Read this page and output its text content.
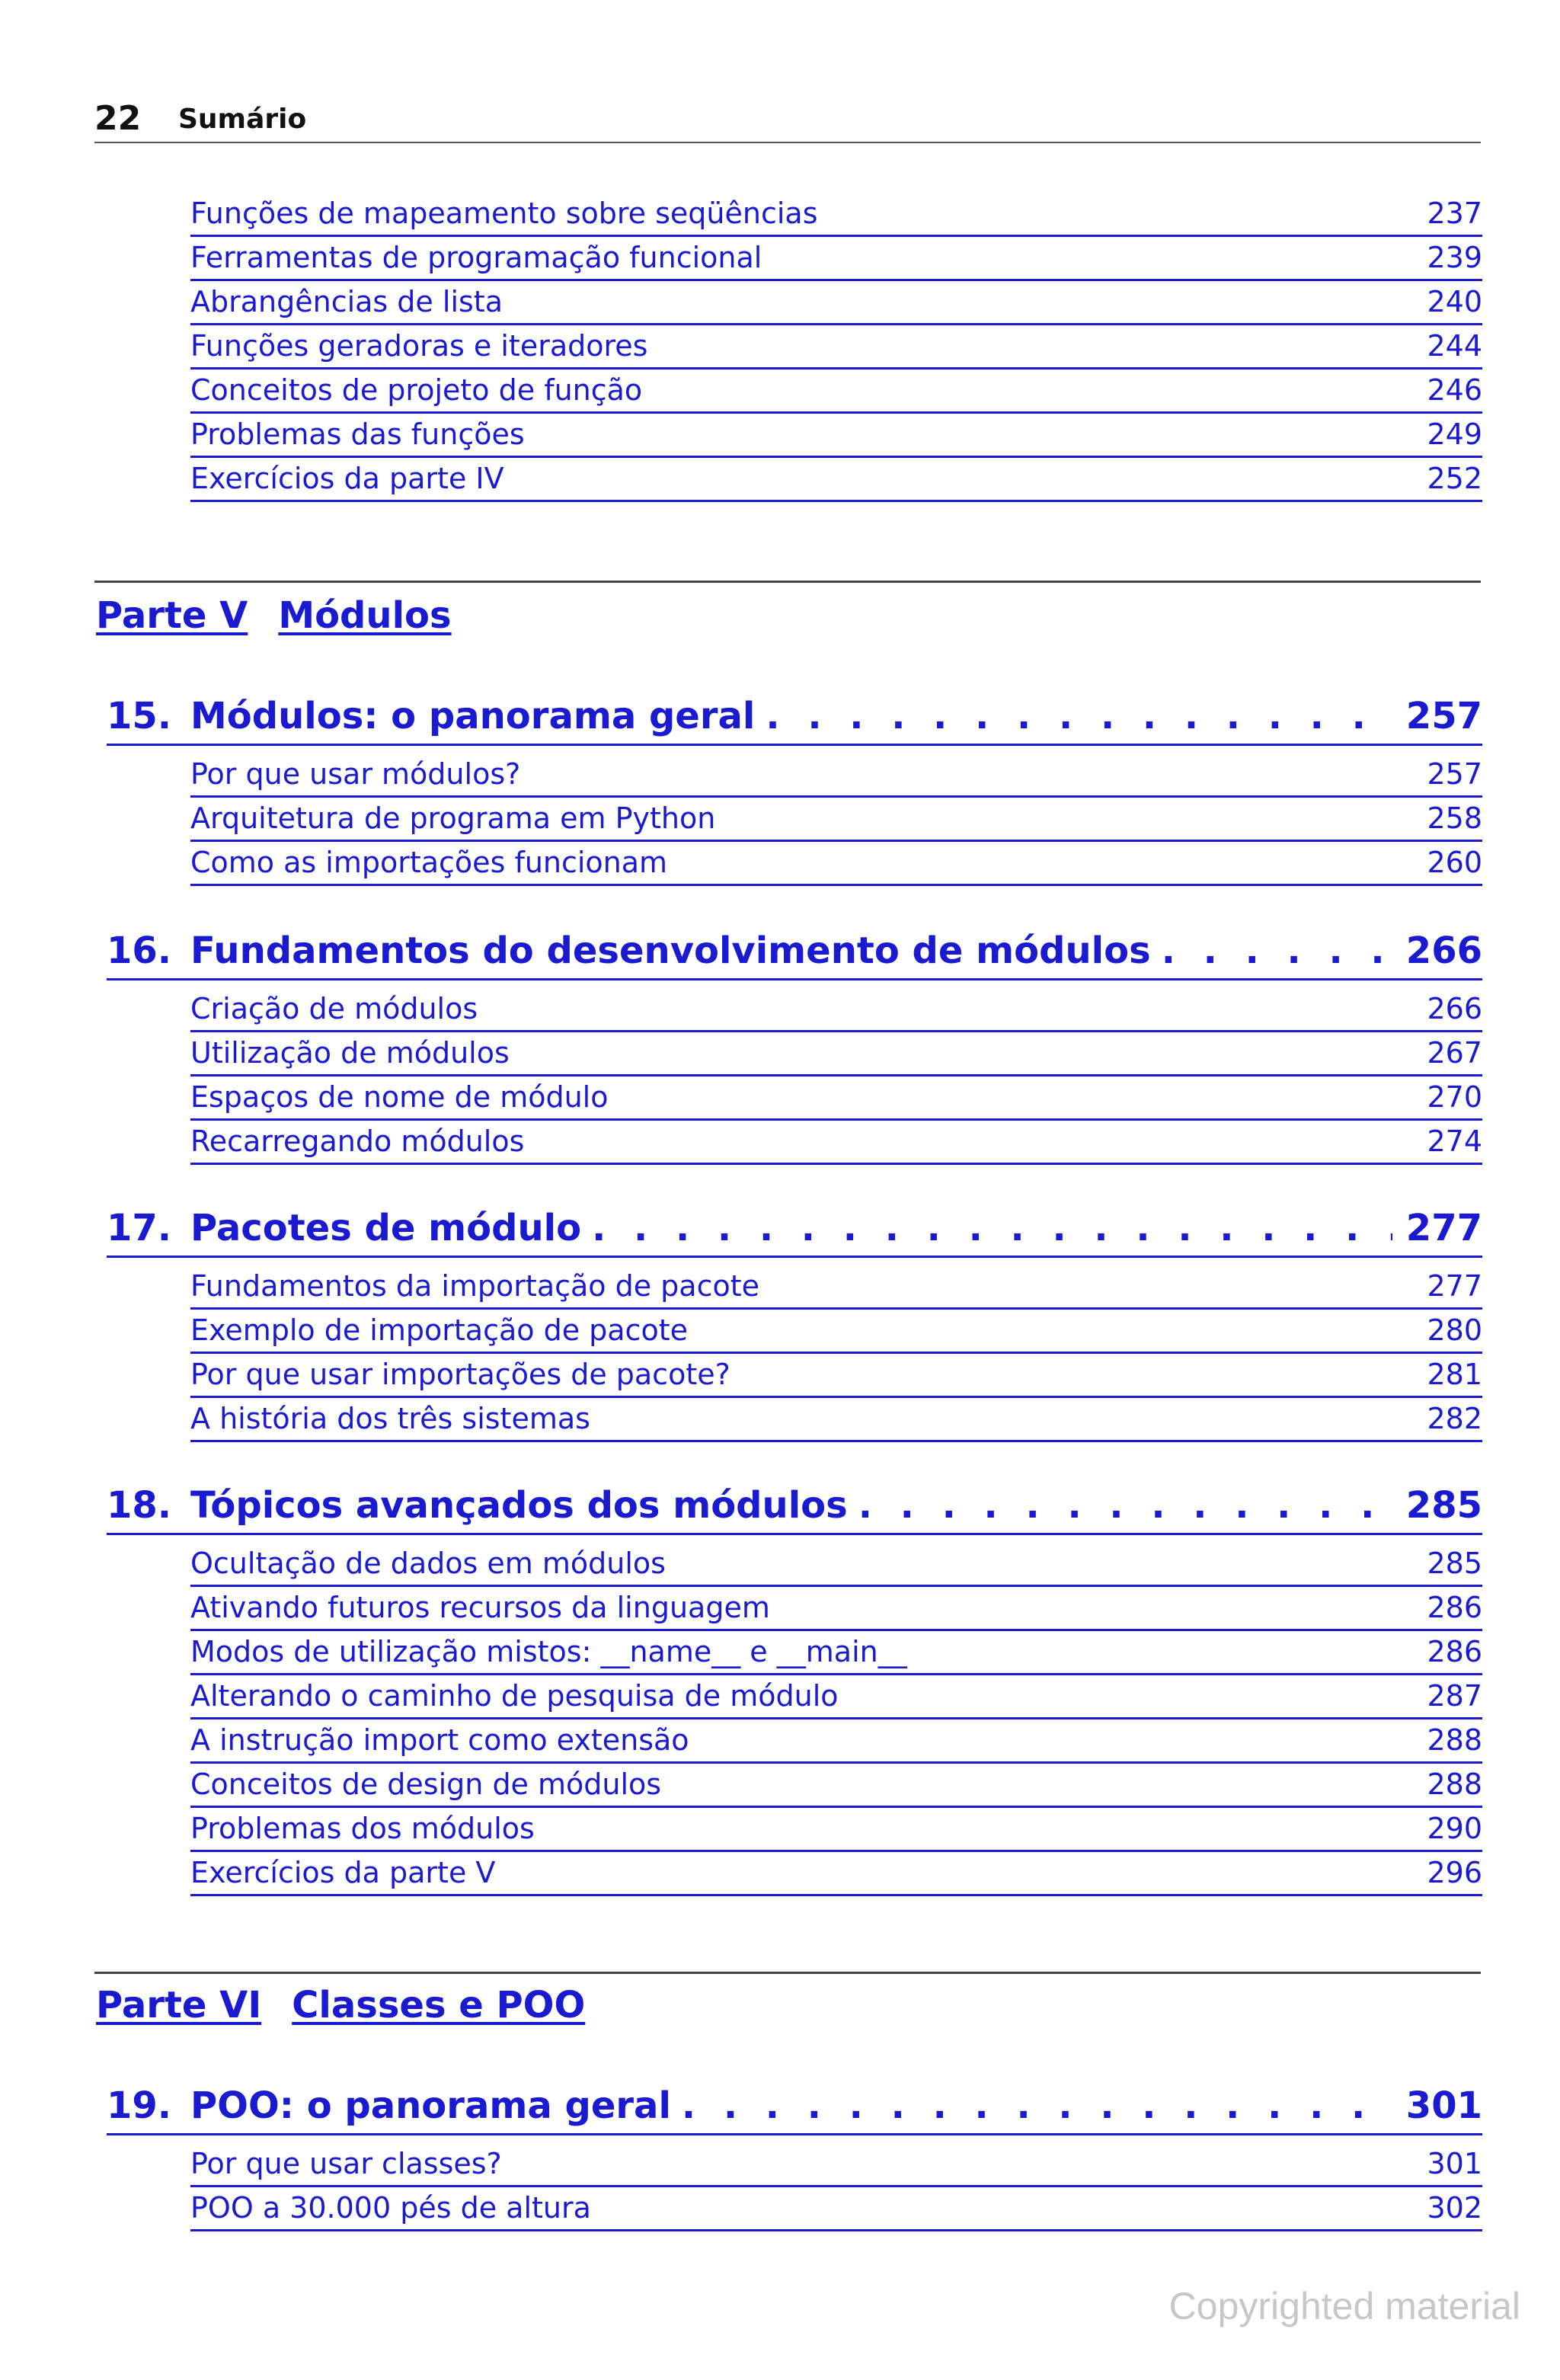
22 Sumário
Funções de mapeamento sobre seqüências	237
Ferramentas de programação funcional	239
Abrangências de lista	240
Funções geradoras e iteradores	244
Conceitos de projeto de função	246
Problemas das funções	249
Exercícios da parte IV	252
Parte V Módulos
15. Módulos: o panorama geral . . .	257
Por que usar módulos?	257
Arquitetura de programa em Python	258
Como as importações funcionam	260
16. Fundamentos do desenvolvimento de módulos . . .	266
Criação de módulos	266
Utilização de módulos	267
Espaços de nome de módulo	270
Recarregando módulos	274
17. Pacotes de módulo . . .	277
Fundamentos da importação de pacote	277
Exemplo de importação de pacote	280
Por que usar importações de pacote?	281
A história dos três sistemas	282
18. Tópicos avançados dos módulos . . .	285
Ocultação de dados em módulos	285
Ativando futuros recursos da linguagem	286
Modos de utilização mistos: __name__ e __main__	286
Alterando o caminho de pesquisa de módulo	287
A instrução import como extensão	288
Conceitos de design de módulos	288
Problemas dos módulos	290
Exercícios da parte V	296
Parte VI Classes e POO
19. POO: o panorama geral . . .	301
Por que usar classes?	301
POO a 30.000 pés de altura	302
Copyrighted material
